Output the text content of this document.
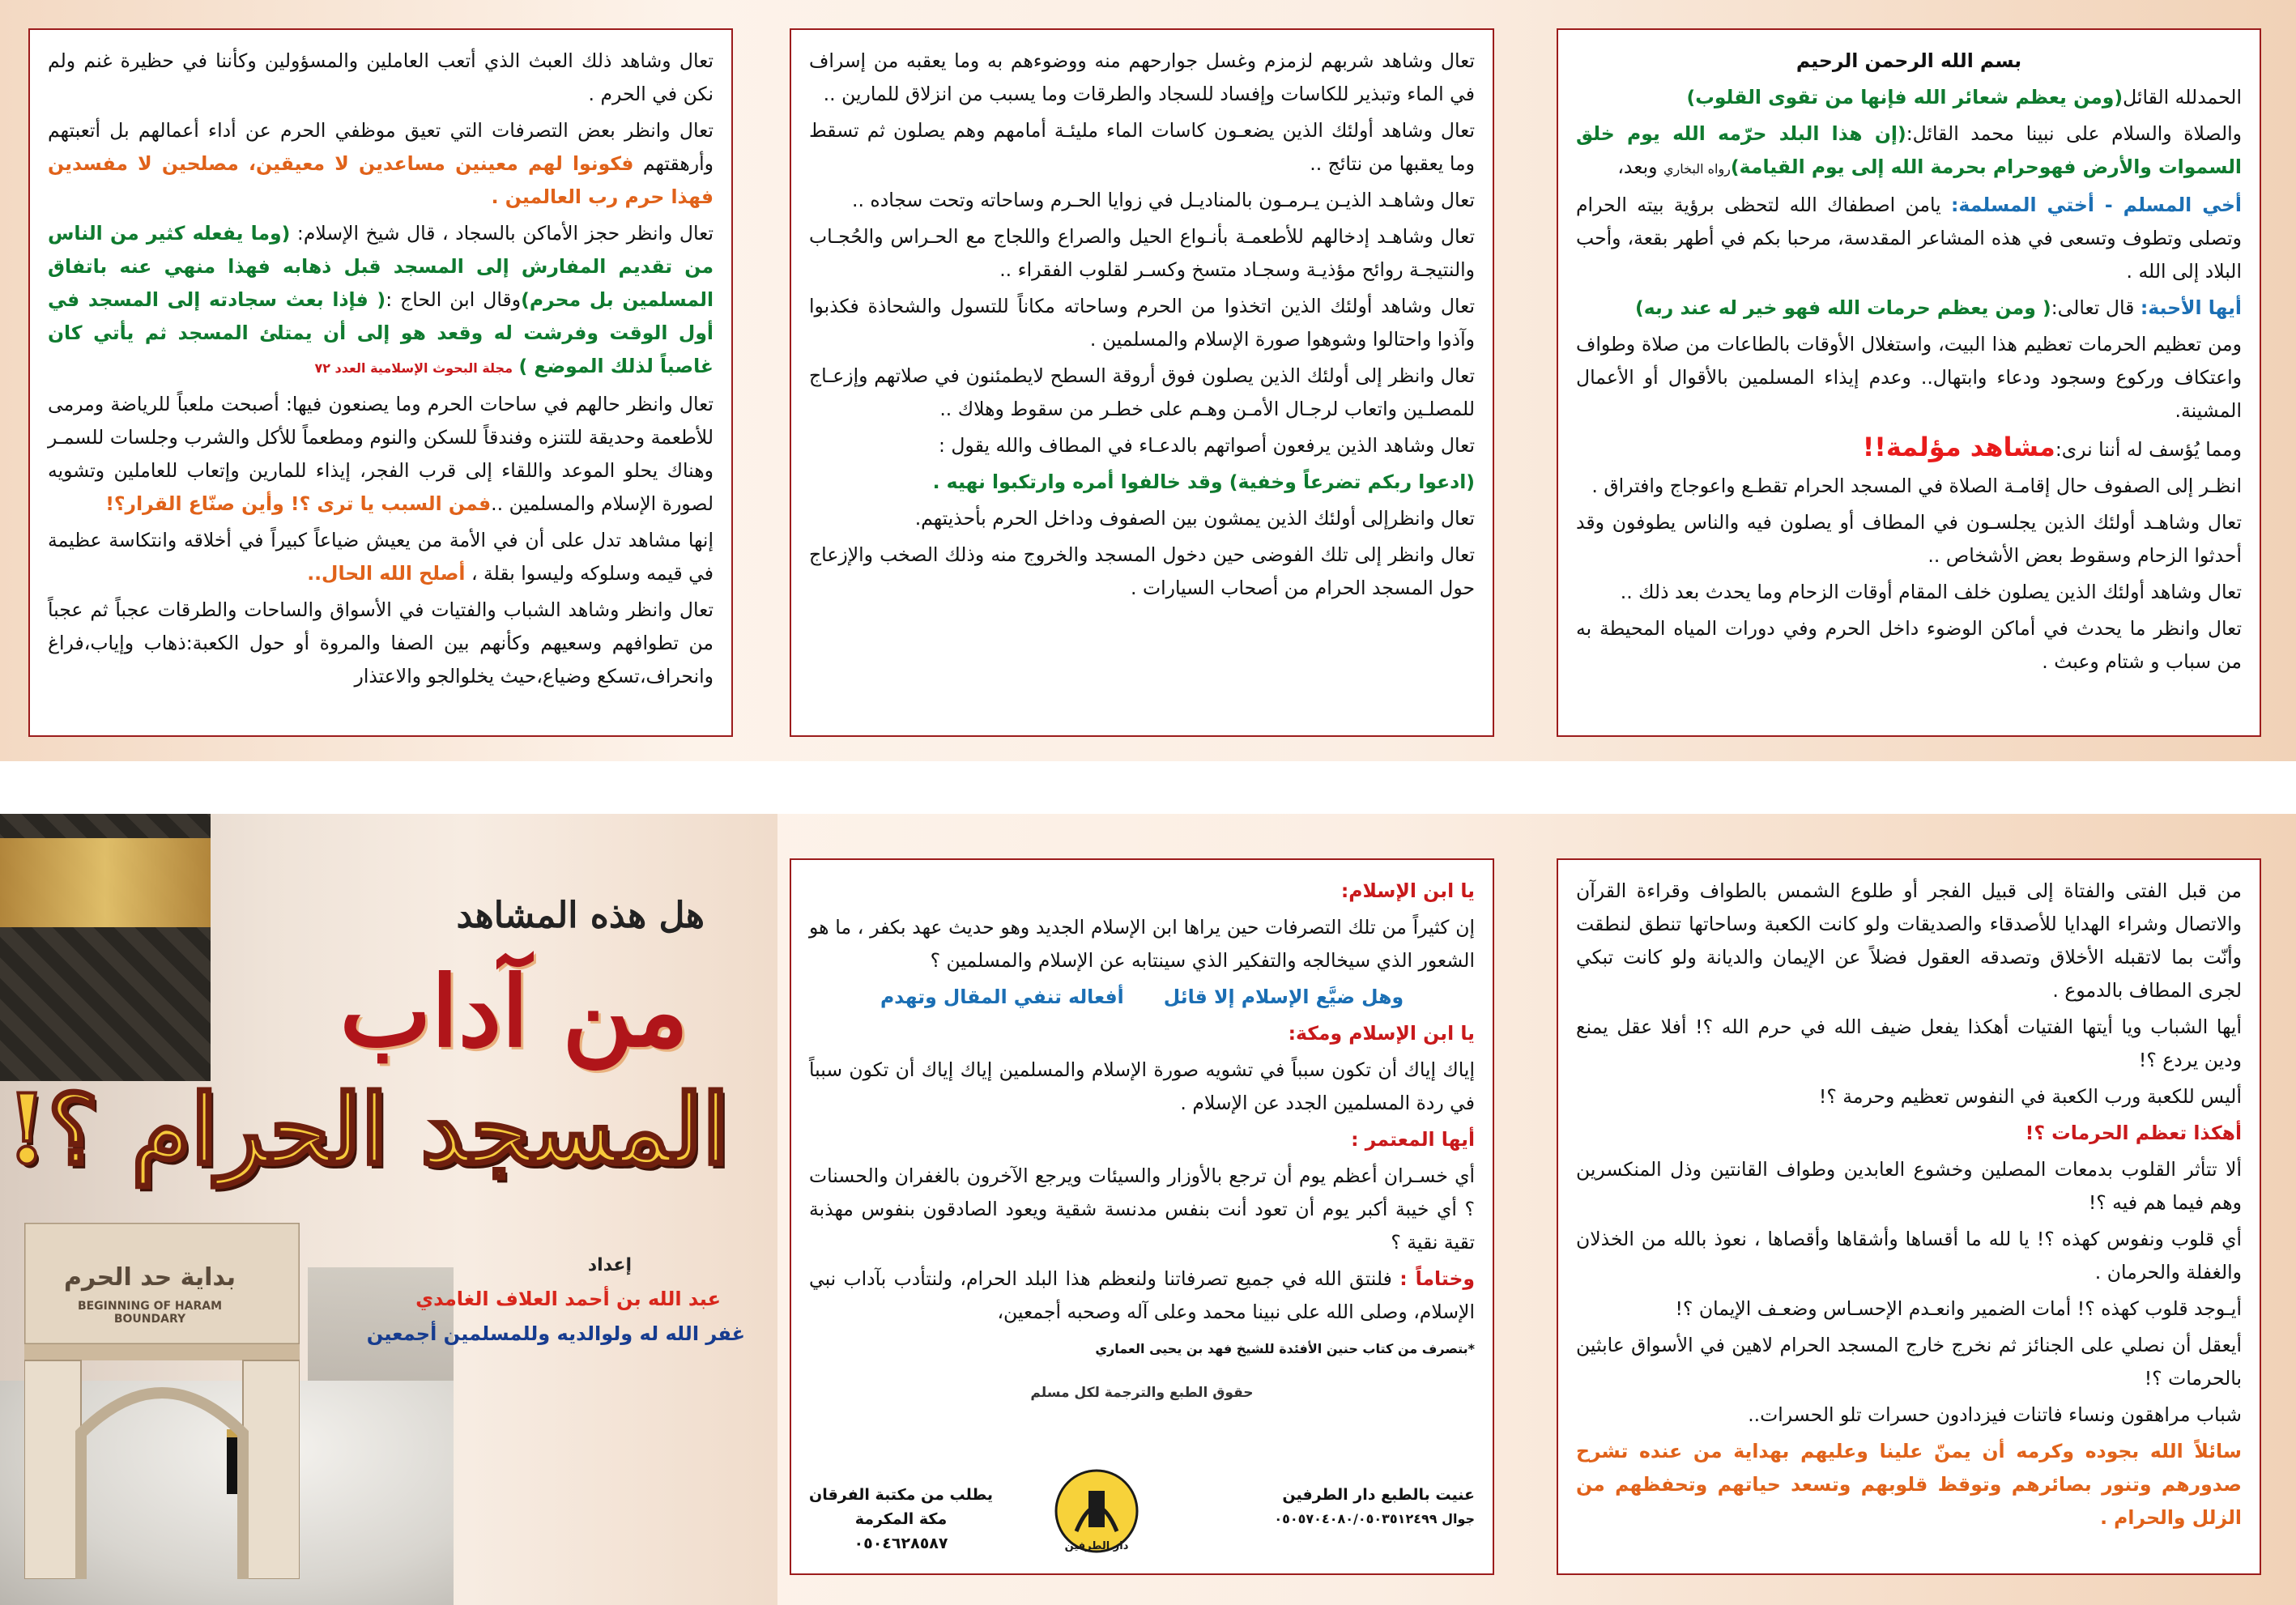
بسم الله الرحمن الرحيم

الحمدلله القائل(ومن يعظم شعائر الله فإنها من تقوى القلوب)

والصلاة والسلام على نبينا محمد القائل:(إن هذا البلد حرّمه الله يوم خلق السموات والأرض فهوحرام بحرمة الله إلى يوم القيامة)رواه البخاري وبعد،

أخي المسلم - أختي المسلمة: يامن اصطفاك الله لتحظى برؤية بيته الحرام وتصلى وتطوف وتسعى في هذه المشاعر المقدسة، مرحبا بكم في أطهر بقعة، وأحب البلاد إلى الله .

أيها الأحبة: قال تعالى:( ومن يعظم حرمات الله فهو خير له عند ربه)

ومن تعظيم الحرمات تعظيم هذا البيت، واستغلال الأوقات بالطاعات من صلاة وطواف واعتكاف وركوع وسجود ودعاء وابتهال.. وعدم إيذاء المسلمين بالأقوال أو الأعمال المشينة.

ومما يُؤسف له أننا نرى:مشاهد مؤلمة!!

انظـر إلى الصفوف حال إقامـة الصلاة في المسجد الحرام تقطـع واعوجاج وافتراق .

تعال وشاهـد أولئك الذين يجلسـون في المطاف أو يصلون فيه والناس يطوفون وقد أحدثوا الزحام وسقوط بعض الأشخاص ..

تعال وشاهد أولئك الذين يصلون خلف المقام أوقات الزحام وما يحدث بعد ذلك ..

تعال وانظر ما يحدث في أماكن الوضوء داخل الحرم وفي دورات المياه المحيطة به من سباب و شتام وعبث .

تعال وشاهد شربهم لزمزم وغسل جوارحهم منه ووضوءهم به وما يعقبه من إسراف في الماء وتبذير للكاسات وإفساد للسجاد والطرقات وما يسبب من انزلاق للمارين ..

تعال وشاهد أولئك الذين يضعـون كاسات الماء مليئـة أمامهم وهم يصلون ثم تسقط وما يعقبها من نتائج ..

تعال وشاهـد الذيـن يـرمـون بالمناديـل في زوايا الحـرم وساحاته وتحت سجاده ..

تعال وشاهـد إدخالهم للأطعمـة بأنـواع الحيل والصراع واللجاج مع الحـراس والحُجـاب والنتيجـة روائح مؤذيـة وسجـاد متسخ وكسـر لقلوب الفقراء ..

تعال وشاهد أولئك الذين اتخذوا من الحرم وساحاته مكاناً للتسول والشحاذة فكذبوا وآذوا واحتالوا وشوهوا صورة الإسلام والمسلمين .

تعال وانظر إلى أولئك الذين يصلون فوق أروقة السطح لايطمئنون في صلاتهم وإزعـاج للمصلـين واتعاب لرجـال الأمـن وهـم على خطـر من سقوط وهلاك ..

تعال وشاهد الذين يرفعون أصواتهم بالدعـاء في المطاف والله يقول :

(ادعوا ربكم تضرعاً وخفية) وقد خالفوا أمره وارتكبوا نهيه .

تعال وانظرإلى أولئك الذين يمشون بين الصفوف وداخل الحرم بأحذيتهم.

تعال وانظر إلى تلك الفوضى حين دخول المسجد والخروج منه وذلك الصخب والإزعاج حول المسجد الحرام من أصحاب السيارات .

تعال وشاهد ذلك العبث الذي أتعب العاملين والمسؤولين وكأننا في حظيرة غنم ولم نكن في الحرم .

تعال وانظر بعض التصرفات التي تعيق موظفي الحرم عن أداء أعمالهم بل أتعبتهم وأرهقتهم فكونوا لهم معينين مساعدين لا معيقين، مصلحين لا مفسدين فهذا حرم رب العالمين .

تعال وانظر حجز الأماكن بالسجاد ، قال شيخ الإسلام: (وما يفعله كثير من الناس من تقديم المفارش إلى المسجد قبل ذهابه فهذا منهي عنه باتفاق المسلمين بل محرم)وقال ابن الحاج :( فإذا بعث سجادته إلى المسجد في أول الوقت وفرشت له وقعد هو إلى أن يمتلئ المسجد ثم يأتي كان غاصباً لذلك الموضع ) مجلة البحوث الإسلامية العدد ٧٢

تعال وانظر حالهم في ساحات الحرم وما يصنعون فيها: أصبحت ملعباً للرياضة ومرمى للأطعمة وحديقة للتنزه وفندقاً للسكن والنوم ومطعماً للأكل والشرب وجلسات للسمـر وهناك يحلو الموعد واللقاء إلى قرب الفجر، إيذاء للمارين وإتعاب للعاملين وتشويه لصورة الإسلام والمسلمين ..فمن السبب يا ترى ؟! وأين صنّاع القرار؟!

إنها مشاهد تدل على أن في الأمة من يعيش ضياعاً كبيراً في أخلاقه وانتكاسة عظيمة في قيمه وسلوكه وليسوا بقلة ، أصلح الله الحال..

تعال وانظر وشاهد الشباب والفتيات في الأسواق والساحات والطرقات عجباً ثم عجباً من تطوافهم وسعيهم وكأنهم بين الصفا والمروة أو حول الكعبة:ذهاب وإياب،فراغ وانحراف،تسكع وضياع،حيث يخلوالجو والاعتذار

من قبل الفتى والفتاة إلى قبيل الفجر أو طلوع الشمس بالطواف وقراءة القرآن والاتصال وشراء الهدايا للأصدقاء والصديقات ولو كانت الكعبة وساحاتها تنطق لنطقت وأنّت بما لاتقبله الأخلاق وتصدقه العقول فضلاً عن الإيمان والديانة ولو كانت تبكي لجرى المطاف بالدموع .

أيها الشباب ويا أيتها الفتيات أهكذا يفعل ضيف الله في حرم الله ؟! أفلا عقل يمنع ودين يردع ؟!

أليس للكعبة ورب الكعبة في النفوس تعظيم وحرمة ؟!

أهكذا تعظم الحرمات ؟!

ألا تتأثر القلوب بدمعات المصلين وخشوع العابدين وطواف القانتين وذل المنكسرين وهم فيما هم فيه ؟!

أي قلوب ونفوس كهذه ؟! يا لله ما أقساها وأشقاها وأقصاها ، نعوذ بالله من الخذلان والغفلة والحرمان .

أيـوجد قلوب كهذه ؟! أمات الضمير وانعـدم الإحسـاس وضعـف الإيمان ؟!

أيعقل أن نصلي على الجنائز ثم نخرج خارج المسجد الحرام لاهين في الأسواق عابثين بالحرمات ؟!

شباب مراهقون ونساء فاتنات فيزدادون حسرات تلو الحسرات..

سائلاً الله بجوده وكرمه أن يمنّ علينا وعليهم بهداية من عنده تشرح صدورهم وتنور بصائرهم وتوقظ قلوبهم وتسعد حياتهم وتحفظهم من الزلل والحرام .

يا ابن الإسلام:

إن كثيراً من تلك التصرفات حين يراها ابن الإسلام الجديد وهو حديث عهد بكفر ، ما هو الشعور الذي سيخالجه والتفكير الذي سينتابه عن الإسلام والمسلمين ؟

وهل ضيَّع الإسلام إلا قائل      أفعاله تنفي المقال وتهدم

يا ابن الإسلام ومكة:

إياك إياك أن تكون سبباً في تشويه صورة الإسلام والمسلمين إياك إياك أن تكون سبباً في ردة المسلمين الجدد عن الإسلام .

أيها المعتمر :

أي خسـران أعظم يوم أن ترجع بالأوزار والسيئات ويرجع الآخرون بالغفران والحسنات ؟ أي خيبة أكبر يوم أن تعود أنت بنفس مدنسة شقية ويعود الصادقون بنفوس مهذبة تقية نقية ؟

وختاماً : فلنتق الله في جميع تصرفاتنا ولنعظم هذا البلد الحرام، ولنتأدب بآداب نبي الإسلام، وصلى الله على نبينا محمد وعلى آله وصحبه أجمعين،

*بتصرف من كتاب حنين الأفئدة للشيخ فهد بن يحيى العماري

حقوق الطبع والترجمة لكل مسلم

عنيت بالطبع دار الطرفين
جوال ٠٥٠٥٧٠٤٠٨٠/٠٥٠٣٥١٢٤٩٩
دار الطرفين
يطلب من مكتبة الفرقان
مكة المكرمة
٠٥٠٤٦٢٨٥٨٧
بداية حد الحرم
BEGINNING OF HARAM BOUNDARY
هل هذه المشاهد
من آداب
المسجد الحرام ؟!
إعداد
عبد الله بن أحمد العلاف الغامدي
غفر الله له ولوالديه وللمسلمين أجمعين
